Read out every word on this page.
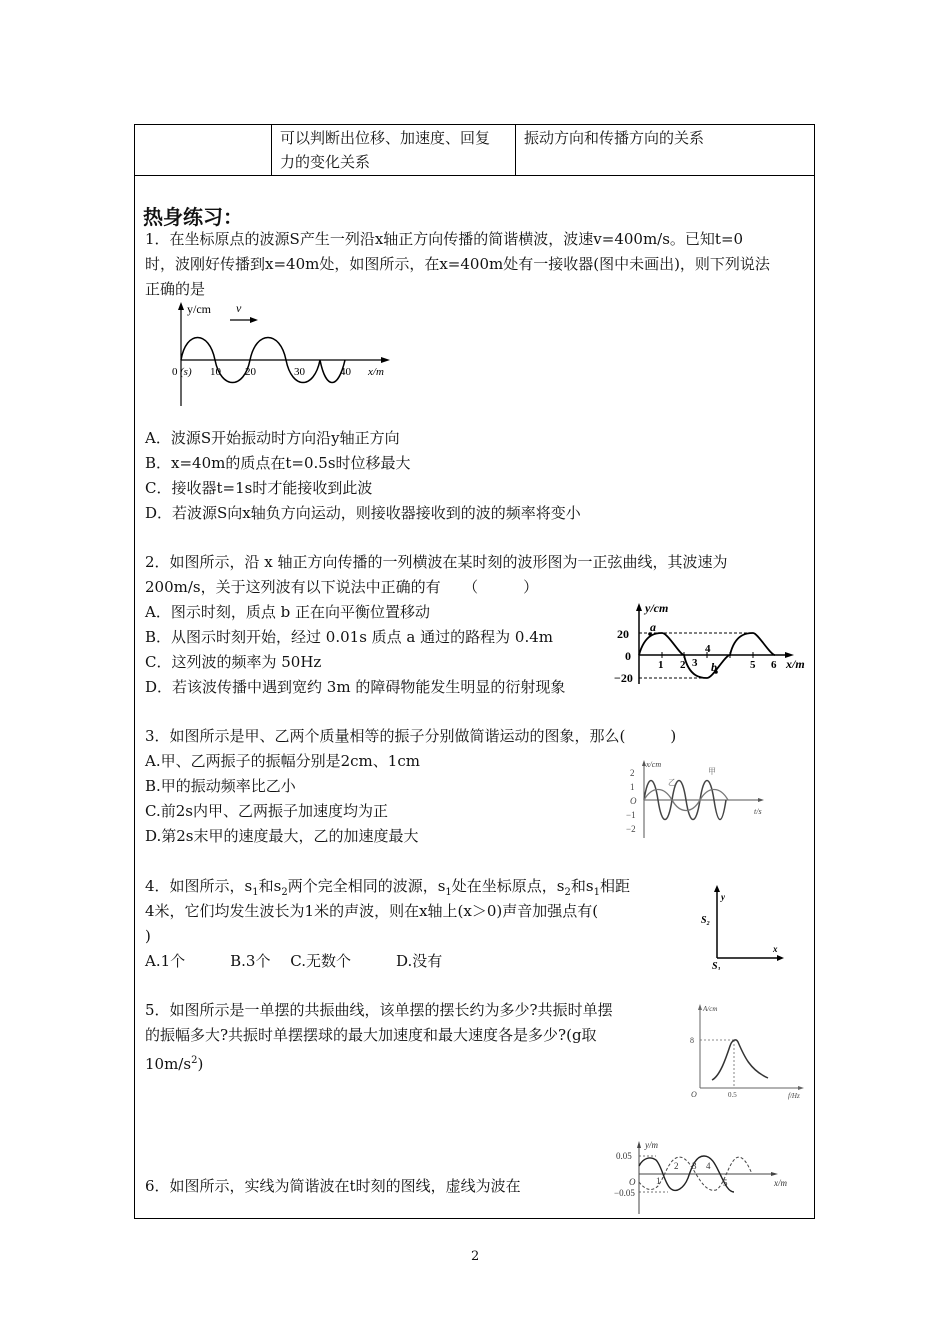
可以判断出位移、加速度、回复
力的变化关系
振动方向和传播方向的关系
热身练习：
1．在坐标原点的波源S产生一列沿x轴正方向传播的简谐横波，波速v=400m/s。已知t=0
时，波刚好传播到x=40m处，如图所示，在x=400m处有一接收器(图中未画出)，则下列说法
正确的是
y/cm v
0 (s) 10 20	30	40 x/m
A．波源S开始振动时方向沿y轴正方向
B．x=40m的质点在t=0.5s时位移最大
C．接收器t=1s时才能接收到此波
D．若波源S向x轴负方向运动，则接收器接收到的波的频率将变小
2．如图所示，沿 x 轴正方向传播的一列横波在某时刻的波形图为一正弦曲线，其波速为
200m/s，关于这列波有以下说法中正确的有　　（　　　）
A．图示时刻，质点 b 正在向平衡位置移动
B．从图示时刻开始，经过 0.01s 质点 a 通过的路程为 0.4m
C．这列波的频率为 50Hz
D．若该波传播中遇到宽约 3m 的障碍物能发生明显的衍射现象
y/cm
20
0
−20
a
b
1 2 3
4
5 6 x/m
3．如图所示是甲、乙两个质量相等的振子分别做简谐运动的图象，那么(　　　)
A.甲、乙两振子的振幅分别是2cm、1cm
B.甲的振动频率比乙小
C.前2s内甲、乙两振子加速度均为正
D.第2s末甲的速度最大，乙的加速度最大
2
1
O
−1
−2
x/cm
乙
甲
t/s
4．如图所示，$s_1$和$s_2$两个完全相同的波源，$s_1$处在坐标原点，$s_2$和$s_1$相距
4米，它们均发生波长为1米的声波，则在x轴上(x＞0)声音加强点有(
)
A.1个　　　B.3个　 C.无数个　　　D.没有
y
x
S₂
S₁
5．如图所示是一单摆的共振曲线，该单摆的摆长约为多少?共振时单摆
的振幅多大?共振时单摆摆球的最大加速度和最大速度各是多少?(g取
$10m/s^2$)
A/cm
8
O	0.5	f/Hz
6．如图所示，实线为简谐波在t时刻的图线，虚线为波在
y/m
0.05
O
−0.05
1
2 3 4
5	x/m
2
